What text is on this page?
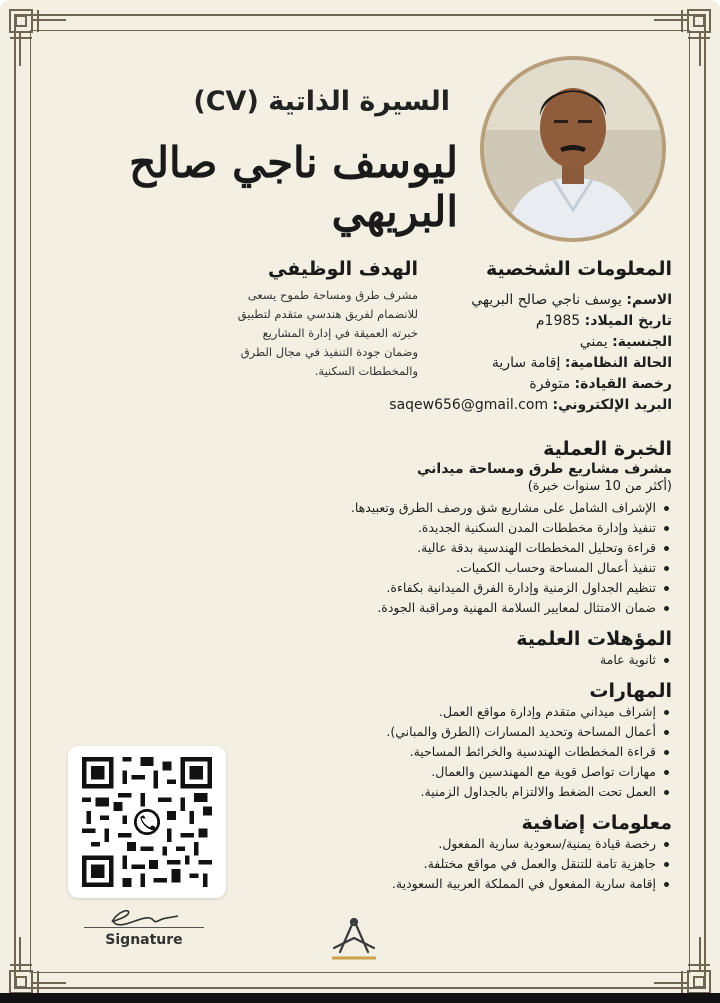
السيرة الذاتية (CV)
ليوسف ناجي صالح البريهي
المعلومات الشخصية
الاسم: يوسف ناجي صالح البريهي
تاريخ الميلاد: 1985م
الجنسية: يمني
الحالة النظامية: إقامة سارية
رخصة القيادة: متوفرة
البريد الإلكتروني: saqew656@gmail.com
الهدف الوظيفي

مشرف طرق ومساحة طموح يسعى للانضمام لفريق هندسي متقدم لتطبيق خبرته العميقة في إدارة المشاريع وضمان جودة التنفيذ في مجال الطرق والمخططات السكنية.

الخبرة العملية

مشرف مشاريع طرق ومساحة ميداني

(أكثر من 10 سنوات خبرة)

الإشراف الشامل على مشاريع شق ورصف الطرق وتعبيدها.
تنفيذ وإدارة مخططات المدن السكنية الجديدة.
قراءة وتحليل المخططات الهندسية بدقة عالية.
تنفيذ أعمال المساحة وحساب الكميات.
تنظيم الجداول الزمنية وإدارة الفرق الميدانية بكفاءة.
ضمان الامتثال لمعايير السلامة المهنية ومراقبة الجودة.
المؤهلات العلمية
ثانوية عامة
المهارات
إشراف ميداني متقدم وإدارة مواقع العمل.
أعمال المساحة وتحديد المسارات (الطرق والمباني).
قراءة المخططات الهندسية والخرائط المساحية.
مهارات تواصل قوية مع المهندسين والعمال.
العمل تحت الضغط والالتزام بالجداول الزمنية.
معلومات إضافية
رخصة قيادة يمنية/سعودية سارية المفعول.
جاهزية تامة للتنقل والعمل في مواقع مختلفة.
إقامة سارية المفعول في المملكة العربية السعودية.
Signature
